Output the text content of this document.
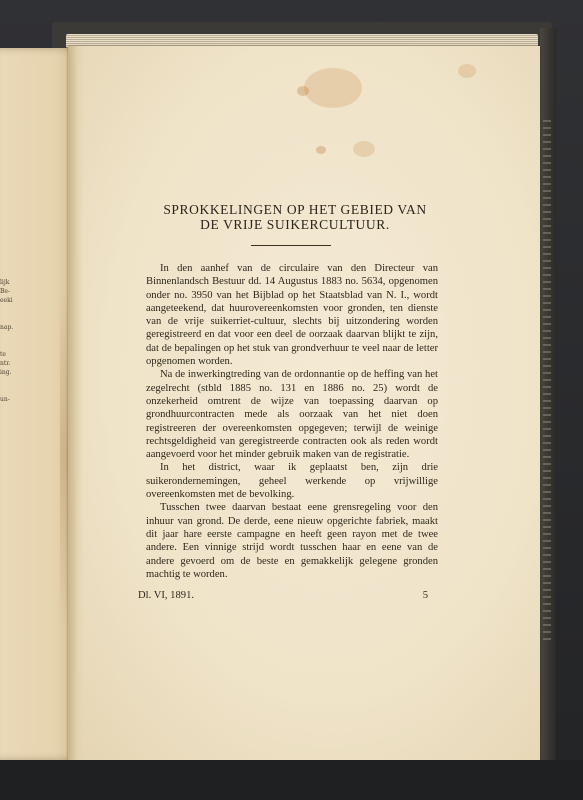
lijk
Be-
eeki
nap.
te
ntr.
ing.
un-
SPROKKELINGEN OP HET GEBIED VAN
DE VRIJE SUIKERCULTUUR.

In den aanhef van de circulaire van den Directeur van Binnenlandsch Bestuur dd. 14 Augustus 1883 no. 5634, opgenomen onder no. 3950 van het Bijblad op het Staatsblad van N. I., wordt aangeteekend, dat huurovereenkomsten voor gronden, ten dienste van de vrije suikerriet-cultuur, slechts bij uitzondering worden geregistreerd en dat voor een deel de oorzaak daarvan blijkt te zijn, dat de bepalingen op het stuk van grondverhuur te veel naar de letter opgenomen worden.

Na de inwerkingtreding van de ordonnantie op de heffing van het zegelrecht (stbld 1885 no. 131 en 1886 no. 25) wordt de onzekerheid omtrent de wijze van toepassing daarvan op grondhuurcontracten mede als oorzaak van het niet doen registreeren der overeenkomsten opgegeven; terwijl de weinige rechtsgeldigheid van geregistreerde contracten ook als reden wordt aangevoerd voor het minder gebruik maken van de registratie.

In het district, waar ik geplaatst ben, zijn drie suikerondernemingen, geheel werkende op vrijwillige overeenkomsten met de bevolking.

Tusschen twee daarvan bestaat eene grensregeling voor den inhuur van grond. De derde, eene nieuw opgerichte fabriek, maakt dit jaar hare eerste campagne en heeft geen rayon met de twee andere. Een vinnige strijd wordt tusschen haar en eene van de andere gevoerd om de beste en gemakkelijk gelegene gronden machtig te worden.

Dl. VI, 1891.	5
